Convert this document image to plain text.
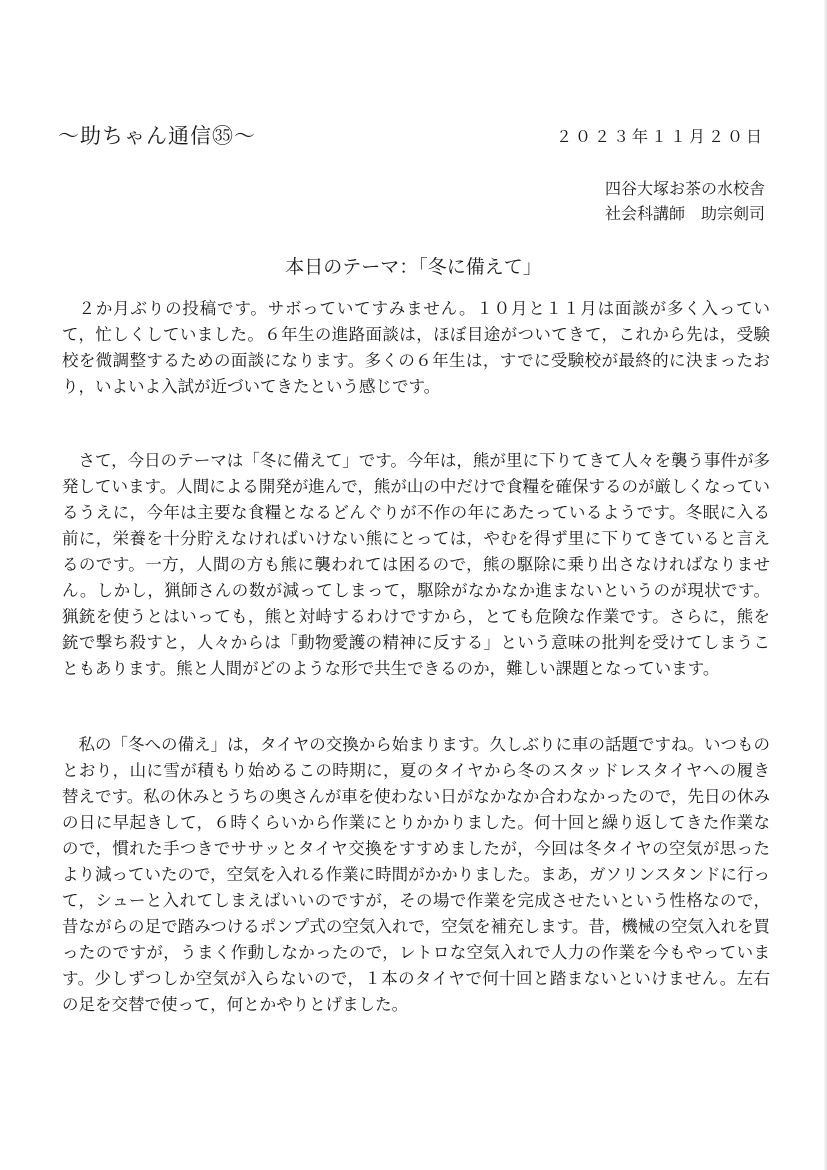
〜助ちゃん通信㉟〜	２０２３年１１月２０日
四谷大塚お茶の水校舎
社会科講師　助宗剣司
本日のテーマ：「冬に備えて」

２か月ぶりの投稿です。サボっていてすみません。１０月と１１月は面談が多く入っていて，忙しくしていました。６年生の進路面談は，ほぼ目途がついてきて，これから先は，受験校を微調整するための面談になります。多くの６年生は，すでに受験校が最終的に決まったおり，いよいよ入試が近づいてきたという感じです。

さて，今日のテーマは「冬に備えて」です。今年は，熊が里に下りてきて人々を襲う事件が多発しています。人間による開発が進んで，熊が山の中だけで食糧を確保するのが厳しくなっているうえに，今年は主要な食糧となるどんぐりが不作の年にあたっているようです。冬眠に入る前に，栄養を十分貯えなければいけない熊にとっては，やむを得ず里に下りてきていると言えるのです。一方，人間の方も熊に襲われては困るので，熊の駆除に乗り出さなければなりません。しかし，猟師さんの数が減ってしまって，駆除がなかなか進まないというのが現状です。猟銃を使うとはいっても，熊と対峙するわけですから，とても危険な作業です。さらに，熊を銃で撃ち殺すと，人々からは「動物愛護の精神に反する」という意味の批判を受けてしまうこともあります。熊と人間がどのような形で共生できるのか，難しい課題となっています。

私の「冬への備え」は，タイヤの交換から始まります。久しぶりに車の話題ですね。いつものとおり，山に雪が積もり始めるこの時期に，夏のタイヤから冬のスタッドレスタイヤへの履き替えです。私の休みとうちの奥さんが車を使わない日がなかなか合わなかったので，先日の休みの日に早起きして，６時くらいから作業にとりかかりました。何十回と繰り返してきた作業なので，慣れた手つきでササッとタイヤ交換をすすめましたが，今回は冬タイヤの空気が思ったより減っていたので，空気を入れる作業に時間がかかりました。まあ，ガソリンスタンドに行って，シューと入れてしまえばいいのですが，その場で作業を完成させたいという性格なので，昔ながらの足で踏みつけるポンプ式の空気入れで，空気を補充します。昔，機械の空気入れを買ったのですが，うまく作動しなかったので，レトロな空気入れで人力の作業を今もやっています。少しずつしか空気が入らないので，１本のタイヤで何十回と踏まないといけません。左右の足を交替で使って，何とかやりとげました。
